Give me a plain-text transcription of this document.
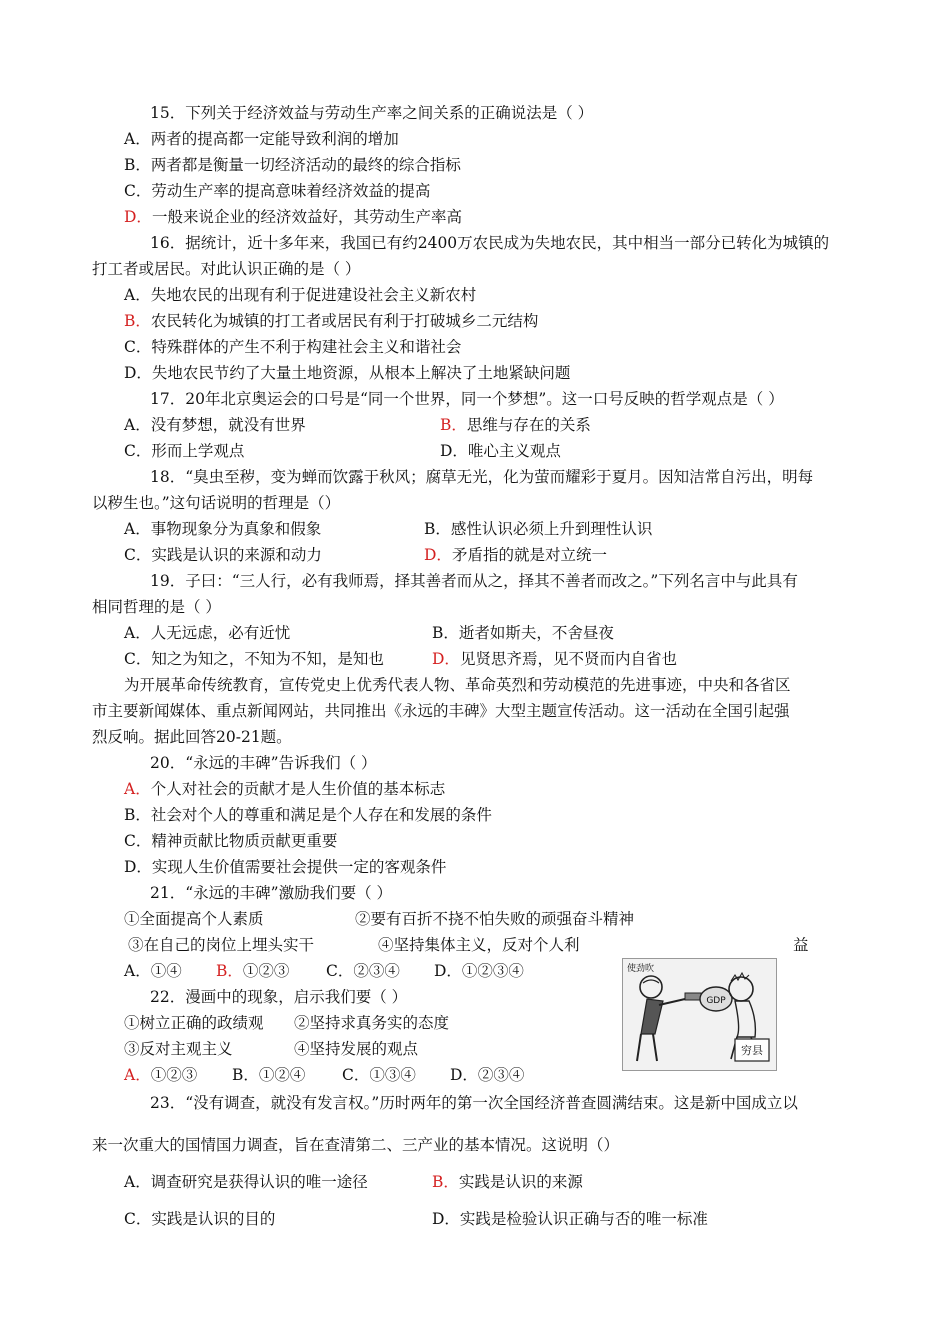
15．下列关于经济效益与劳动生产率之间关系的正确说法是（ ）
A．两者的提高都一定能导致利润的增加
B．两者都是衡量一切经济活动的最终的综合指标
C．劳动生产率的提高意味着经济效益的提高
D．一般来说企业的经济效益好，其劳动生产率高
16．据统计，近十多年来，我国已有约2400万农民成为失地农民，其中相当一部分已转化为城镇的
打工者或居民。对此认识正确的是（ ）
A．失地农民的出现有利于促进建设社会主义新农村
B．农民转化为城镇的打工者或居民有利于打破城乡二元结构
C．特殊群体的产生不利于构建社会主义和谐社会
D．失地农民节约了大量土地资源，从根本上解决了土地紧缺问题
17．20年北京奥运会的口号是“同一个世界，同一个梦想”。这一口号反映的哲学观点是（ ）
A．没有梦想，就没有世界	B．思维与存在的关系
C．形而上学观点	D．唯心主义观点
18．“臭虫至秽，变为蝉而饮露于秋风；腐草无光，化为萤而耀彩于夏月。因知洁常自污出，明每
以秽生也。”这句话说明的哲理是（）
A．事物现象分为真象和假象	B．感性认识必须上升到理性认识
C．实践是认识的来源和动力	D．矛盾指的就是对立统一
19．子曰：“三人行，必有我师焉，择其善者而从之，择其不善者而改之。”下列名言中与此具有
相同哲理的是（ ）
A．人无远虑，必有近忧	B．逝者如斯夫，不舍昼夜
C．知之为知之，不知为不知，是知也	D．见贤思齐焉，见不贤而内自省也
为开展革命传统教育，宣传党史上优秀代表人物、革命英烈和劳动模范的先进事迹，中央和各省区
市主要新闻媒体、重点新闻网站，共同推出《永远的丰碑》大型主题宣传活动。这一活动在全国引起强
烈反响。据此回答20-21题。
20．“永远的丰碑”告诉我们（ ）
A．个人对社会的贡献才是人生价值的基本标志
B．社会对个人的尊重和满足是个人存在和发展的条件
C．精神贡献比物质贡献更重要
D．实现人生价值需要社会提供一定的客观条件
21．“永远的丰碑”激励我们要（ ）
①全面提高个人素质	②要有百折不挠不怕失败的顽强奋斗精神
③在自己的岗位上埋头实干	④坚持集体主义，反对个人利	益
A．①④ B．①②③ C．②③④ D．①②③④
22．漫画中的现象，启示我们要（ ）
①树立正确的政绩观 ②坚持求真务实的态度
③反对主观主义	④坚持发展的观点
A．①②③ B．①②④ C．①③④ D．②③④
GDP
穷县
使劲吹
23．“没有调查，就没有发言权。”历时两年的第一次全国经济普查圆满结束。这是新中国成立以
来一次重大的国情国力调查，旨在查清第二、三产业的基本情况。这说明（）
A．调查研究是获得认识的唯一途径	B．实践是认识的来源
C．实践是认识的目的	D．实践是检验认识正确与否的唯一标准
